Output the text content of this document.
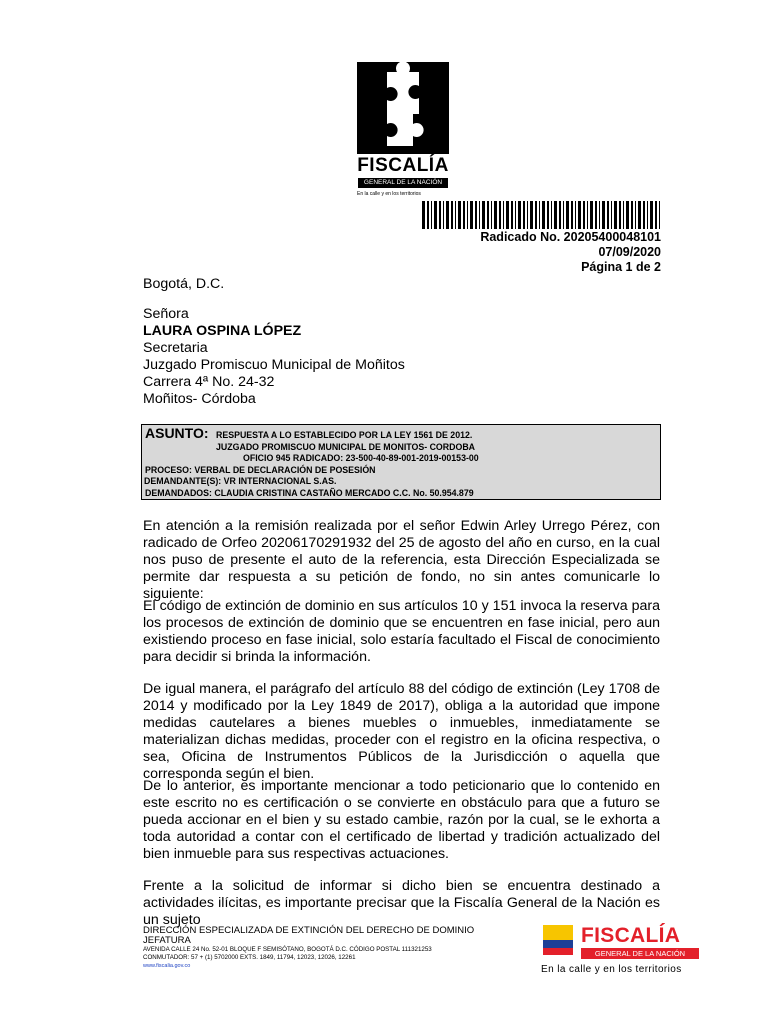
FISCALÍA
GENERAL DE LA NACIÓN
En la calle y en los territorios
Radicado No. 20205400048101
07/09/2020
Página 1 de 2
Bogotá, D.C.
Señora
LAURA OSPINA LÓPEZ
Secretaria
Juzgado Promiscuo Municipal de Moñitos
Carrera 4ª No. 24-32
Moñitos- Córdoba
ASUNTO: RESPUESTA A LO ESTABLECIDO POR LA LEY 1561 DE 2012.
JUZGADO PROMISCUO MUNICIPAL DE MONITOS- CORDOBA
OFICIO 945 RADICADO: 23-500-40-89-001-2019-00153-00
PROCESO: VERBAL DE DECLARACIÓN DE POSESIÓN
DEMANDANTE(S): VR INTERNACIONAL S.AS.
DEMANDADOS: CLAUDIA CRISTINA CASTAÑO MERCADO C.C. No. 50.954.879
En atención a la remisión realizada por el señor Edwin Arley Urrego Pérez, con radicado de Orfeo 20206170291932 del 25 de agosto del año en curso, en la cual nos puso de presente el auto de la referencia, esta Dirección Especializada se permite dar respuesta a su petición de fondo, no sin antes comunicarle lo siguiente:
El código de extinción de dominio en sus artículos 10 y 151 invoca la reserva para los procesos de extinción de dominio que se encuentren en fase inicial, pero aun existiendo proceso en fase inicial, solo estaría facultado el Fiscal de conocimiento para decidir si brinda la información.
De igual manera, el parágrafo del artículo 88 del código de extinción (Ley 1708 de 2014 y modificado por la Ley 1849 de 2017), obliga a la autoridad que impone medidas cautelares a bienes muebles o inmuebles, inmediatamente se materializan dichas medidas, proceder con el registro en la oficina respectiva, o sea, Oficina de Instrumentos Públicos de la Jurisdicción o aquella que corresponda según el bien.
De lo anterior, es importante mencionar a todo peticionario que lo contenido en este escrito no es certificación o se convierte en obstáculo para que a futuro se pueda accionar en el bien y su estado cambie, razón por la cual, se le exhorta a toda autoridad a contar con el certificado de libertad y tradición actualizado del bien inmueble para sus respectivas actuaciones.
Frente a la solicitud de informar si dicho bien se encuentra destinado a actividades ilícitas, es importante precisar que la Fiscalía General de la Nación es un sujeto
DIRECCIÓN ESPECIALIZADA DE EXTINCIÓN DEL DERECHO DE DOMINIO
JEFATURA
AVENIDA CALLE 24 No. 52-01 BLOQUE F SEMISÓTANO, BOGOTÁ D.C. CÓDIGO POSTAL 111321253
CONMUTADOR: 57 + (1) 5702000 EXTS. 1849, 11794, 12023, 12026, 12261
www.fiscalia.gov.co
FISCALÍA
GENERAL DE LA NACIÓN
En la calle y en los territorios
